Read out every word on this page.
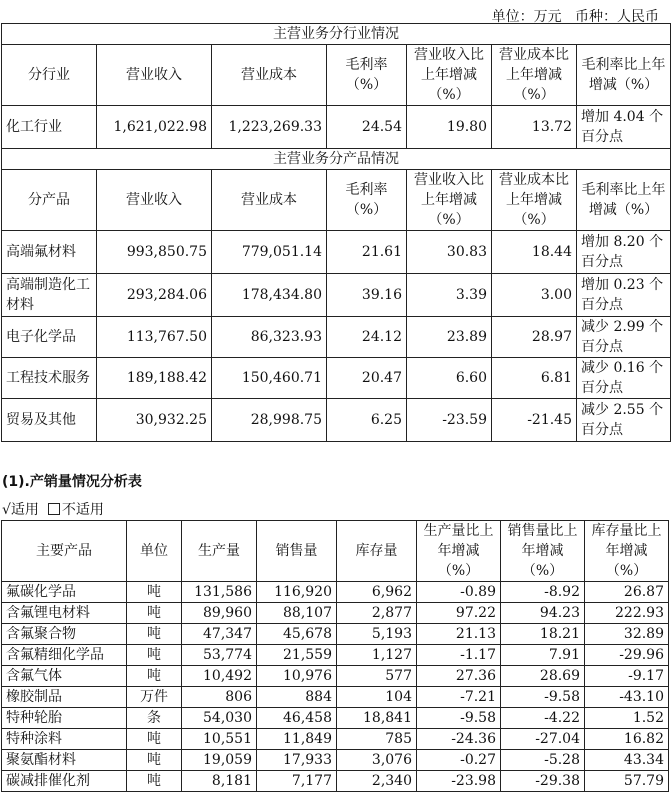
单位：万元   币种：人民币
主营业务分行业情况						
分行业	营业收入	营业成本	毛利率（%）	营业收入比上年增减（%）	营业成本比上年增减（%）	毛利率比上年增减（%）
化工行业	1,621,022.98	1,223,269.33	24.54	19.80	13.72	增加 4.04 个百分点
主营业务分产品情况						
分产品	营业收入	营业成本	毛利率（%）	营业收入比上年增减（%）	营业成本比上年增减（%）	毛利率比上年增减（%）
高端氟材料	993,850.75	779,051.14	21.61	30.83	18.44	增加 8.20 个百分点
高端制造化工材料	293,284.06	178,434.80	39.16	3.39	3.00	增加 0.23 个百分点
电子化学品	113,767.50	86,323.93	24.12	23.89	28.97	减少 2.99 个百分点
工程技术服务	189,188.42	150,460.71	20.47	6.60	6.81	减少 0.16 个百分点
贸易及其他	30,932.25	28,998.75	6.25	-23.59	-21.45	减少 2.55 个百分点
(1).产销量情况分析表
√适用 不适用
主要产品	单位	生产量	销售量	库存量	生产量比上年增减（%）	销售量比上年增减（%）	库存量比上年增减（%）
氟碳化学品	吨	131,586	116,920	6,962	-0.89	-8.92	26.87
含氟锂电材料	吨	89,960	88,107	2,877	97.22	94.23	222.93
含氟聚合物	吨	47,347	45,678	5,193	21.13	18.21	32.89
含氟精细化学品	吨	53,774	21,559	1,127	-1.17	7.91	-29.96
含氟气体	吨	10,492	10,976	577	27.36	28.69	-9.17
橡胶制品	万件	806	884	104	-7.21	-9.58	-43.10
特种轮胎	条	54,030	46,458	18,841	-9.58	-4.22	1.52
特种涂料	吨	10,551	11,849	785	-24.36	-27.04	16.82
聚氨酯材料	吨	19,059	17,933	3,076	-0.27	-5.28	43.34
碳减排催化剂	吨	8,181	7,177	2,340	-23.98	-29.38	57.79
